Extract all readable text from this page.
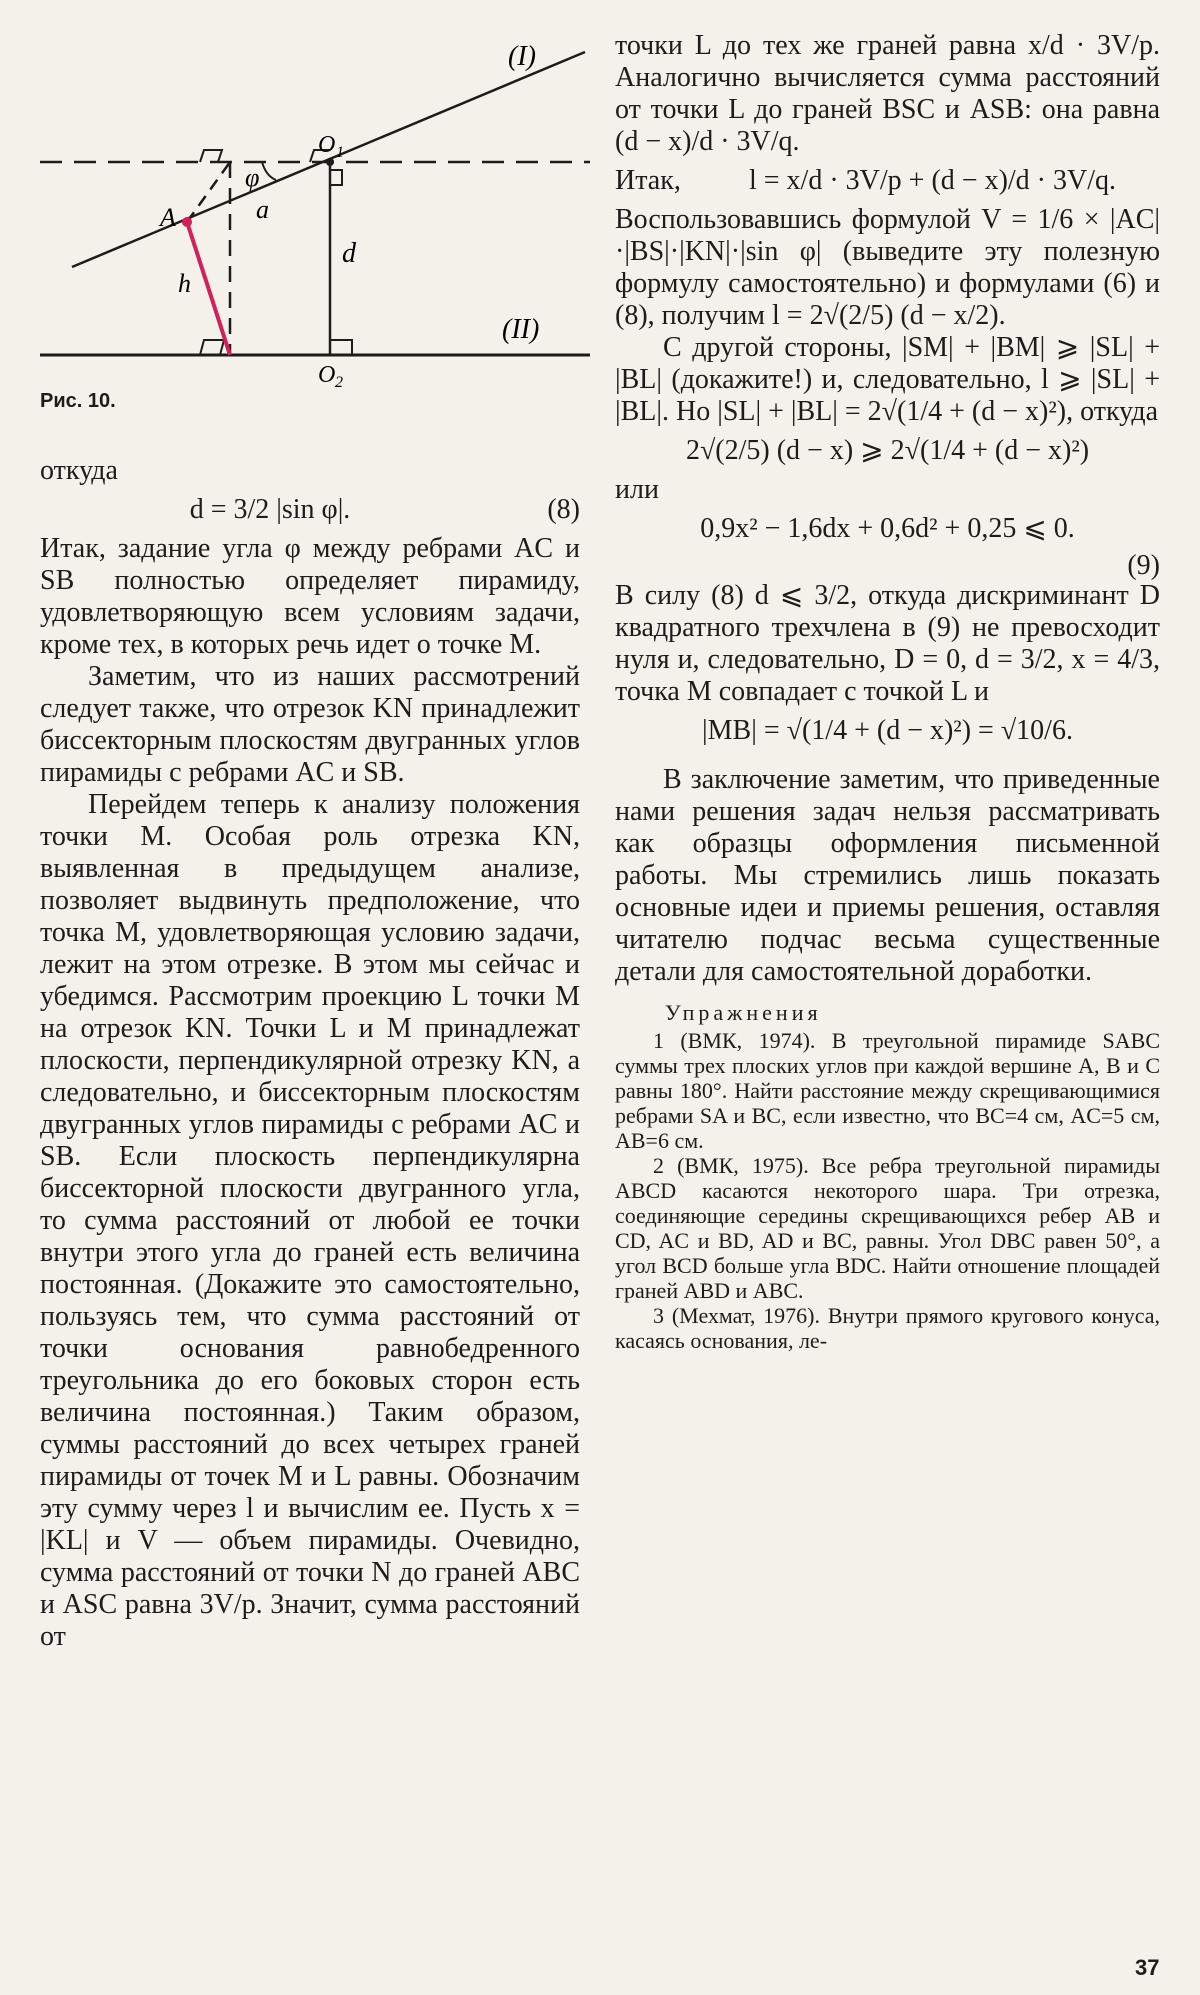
(I)
(II)
O 1
O 2
A	a
φ
h
d
Рис. 10.

откуда

d = 3/2 |sin φ|.	(8)

Итак, задание угла φ между ребрами AC и SB полностью определяет пирамиду, удовлетворяющую всем условиям задачи, кроме тех, в которых речь идет о точке M.

Заметим, что из наших рассмотрений следует также, что отрезок KN принадлежит биссекторным плоскостям двугранных углов пирамиды с ребрами AC и SB.

Перейдем теперь к анализу положения точки M. Особая роль отрезка KN, выявленная в предыдущем анализе, позволяет выдвинуть предположение, что точка M, удовлетворяющая условию задачи, лежит на этом отрезке. В этом мы сейчас и убедимся. Рассмотрим проекцию L точки M на отрезок KN. Точки L и M принадлежат плоскости, перпендикулярной отрезку KN, а следовательно, и биссекторным плоскостям двугранных углов пирамиды с ребрами AC и SB. Если плоскость перпендикулярна биссекторной плоскости двугранного угла, то сумма расстояний от любой ее точки внутри этого угла до граней есть величина постоянная. (Докажите это самостоятельно, пользуясь тем, что сумма расстояний от точки основания равнобедренного треугольника до его боковых сторон есть величина постоянная.) Таким образом, суммы расстояний до всех четырех граней пирамиды от точек M и L равны. Обозначим эту сумму через l и вычислим ее. Пусть x = |KL| и V — объем пирамиды. Очевидно, сумма расстояний от точки N до граней ABC и ASC равна 3V/p. Значит, сумма расстояний от

точки L до тех же граней равна x/d · 3V/p. Аналогично вычисляется сумма расстояний от точки L до граней BSC и ASB: она равна (d − x)/d · 3V/q.

Итак,	l = x/d · 3V/p + (d − x)/d · 3V/q.

Воспользовавшись формулой V = 1/6 × |AC|·|BS|·|KN|·|sin φ| (выведите эту полезную формулу самостоятельно) и формулами (6) и (8), получим l = 2√(2/5) (d − x/2).

С другой стороны, |SM| + |BM| ⩾ |SL| + |BL| (докажите!) и, следовательно, l ⩾ |SL| + |BL|. Но |SL| + |BL| = 2√(1/4 + (d − x)²), откуда

2√(2/5) (d − x) ⩾ 2√(1/4 + (d − x)²)

или

0,9x² − 1,6dx + 0,6d² + 0,25 ⩽ 0.
(9)

В силу (8) d ⩽ 3/2, откуда дискриминант D квадратного трехчлена в (9) не превосходит нуля и, следовательно, D = 0, d = 3/2, x = 4/3, точка M совпадает с точкой L и

|MB| = √(1/4 + (d − x)²) = √10/6.

В заключение заметим, что приведенные нами решения задач нельзя рассматривать как образцы оформления письменной работы. Мы стремились лишь показать основные идеи и приемы решения, оставляя читателю подчас весьма существенные детали для самостоятельной доработки.

Упражнения

1 (ВМК, 1974). В треугольной пирамиде SABC суммы трех плоских углов при каждой вершине A, B и C равны 180°. Найти расстояние между скрещивающимися ребрами SA и BC, если известно, что BC=4 см, AC=5 см, AB=6 см.

2 (ВМК, 1975). Все ребра треугольной пирамиды ABCD касаются некоторого шара. Три отрезка, соединяющие середины скрещивающихся ребер AB и CD, AC и BD, AD и BC, равны. Угол DBC равен 50°, а угол BCD больше угла BDC. Найти отношение площадей граней ABD и ABC.

3 (Мехмат, 1976). Внутри прямого кругового конуса, касаясь основания, ле-

37
